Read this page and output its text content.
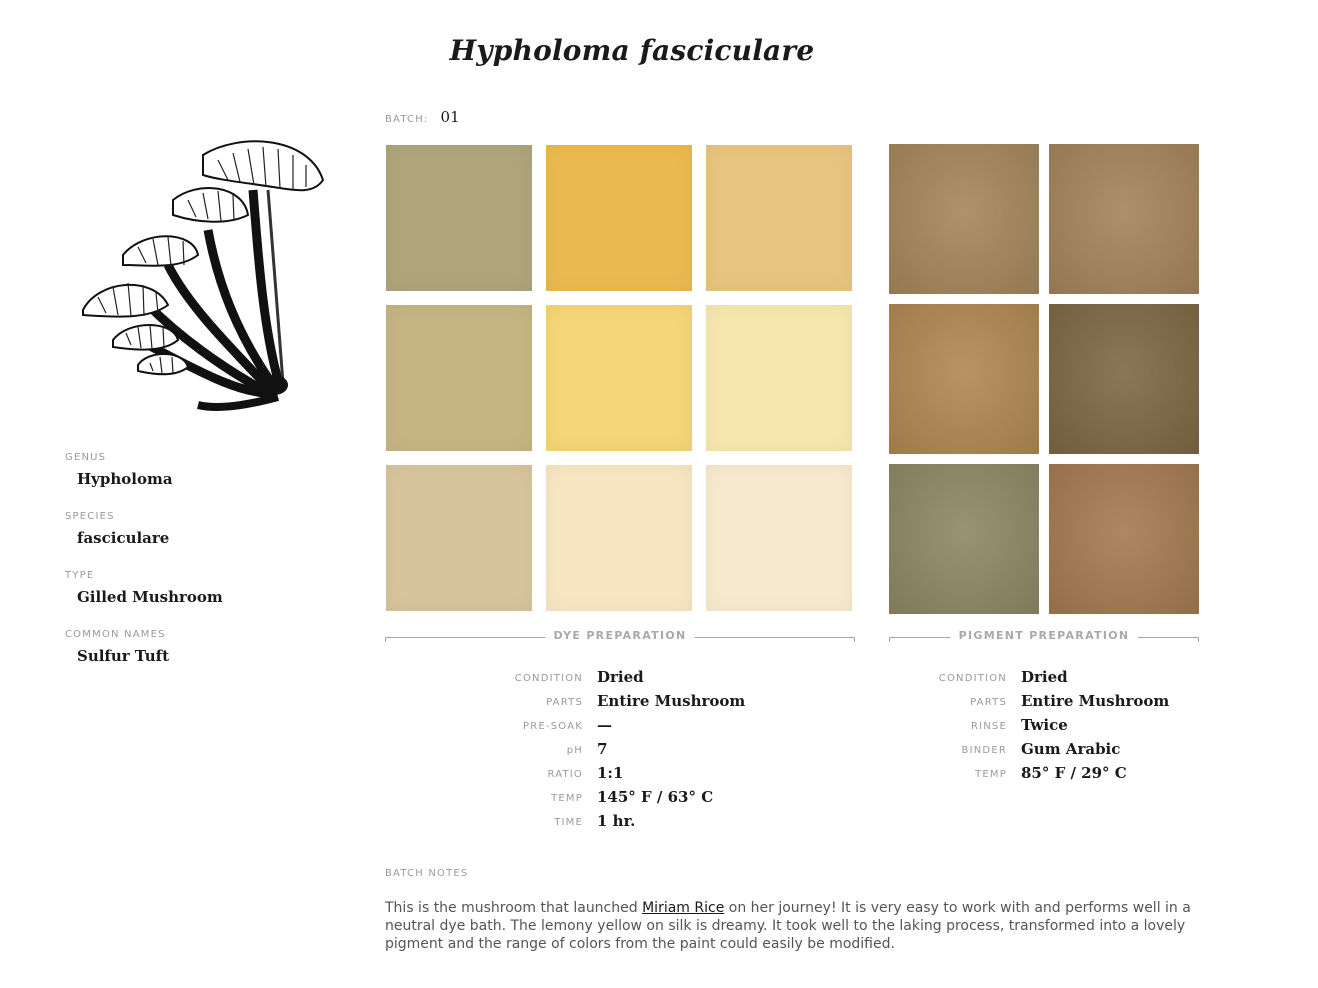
Hypholoma fasciculare
BATCH: 01
GENUS
Hypholoma
SPECIES
fasciculare
TYPE
Gilled Mushroom
COMMON NAMES
Sulfur Tuft
DYE PREPARATION	PIGMENT PREPARATION
CONDITION Dried
PARTS Entire Mushroom
PRE-SOAK —
pH 7
RATIO 1:1
TEMP 145° F / 63° C
TIME 1 hr.
CONDITION Dried
PARTS Entire Mushroom
RINSE Twice
BINDER Gum Arabic
TEMP 85° F / 29° C
BATCH NOTES

This is the mushroom that launched Miriam Rice on her journey! It is very easy to work with and performs well in a neutral dye bath. The lemony yellow on silk is dreamy. It took well to the laking process, transformed into a lovely pigment and the range of colors from the paint could easily be modified.
